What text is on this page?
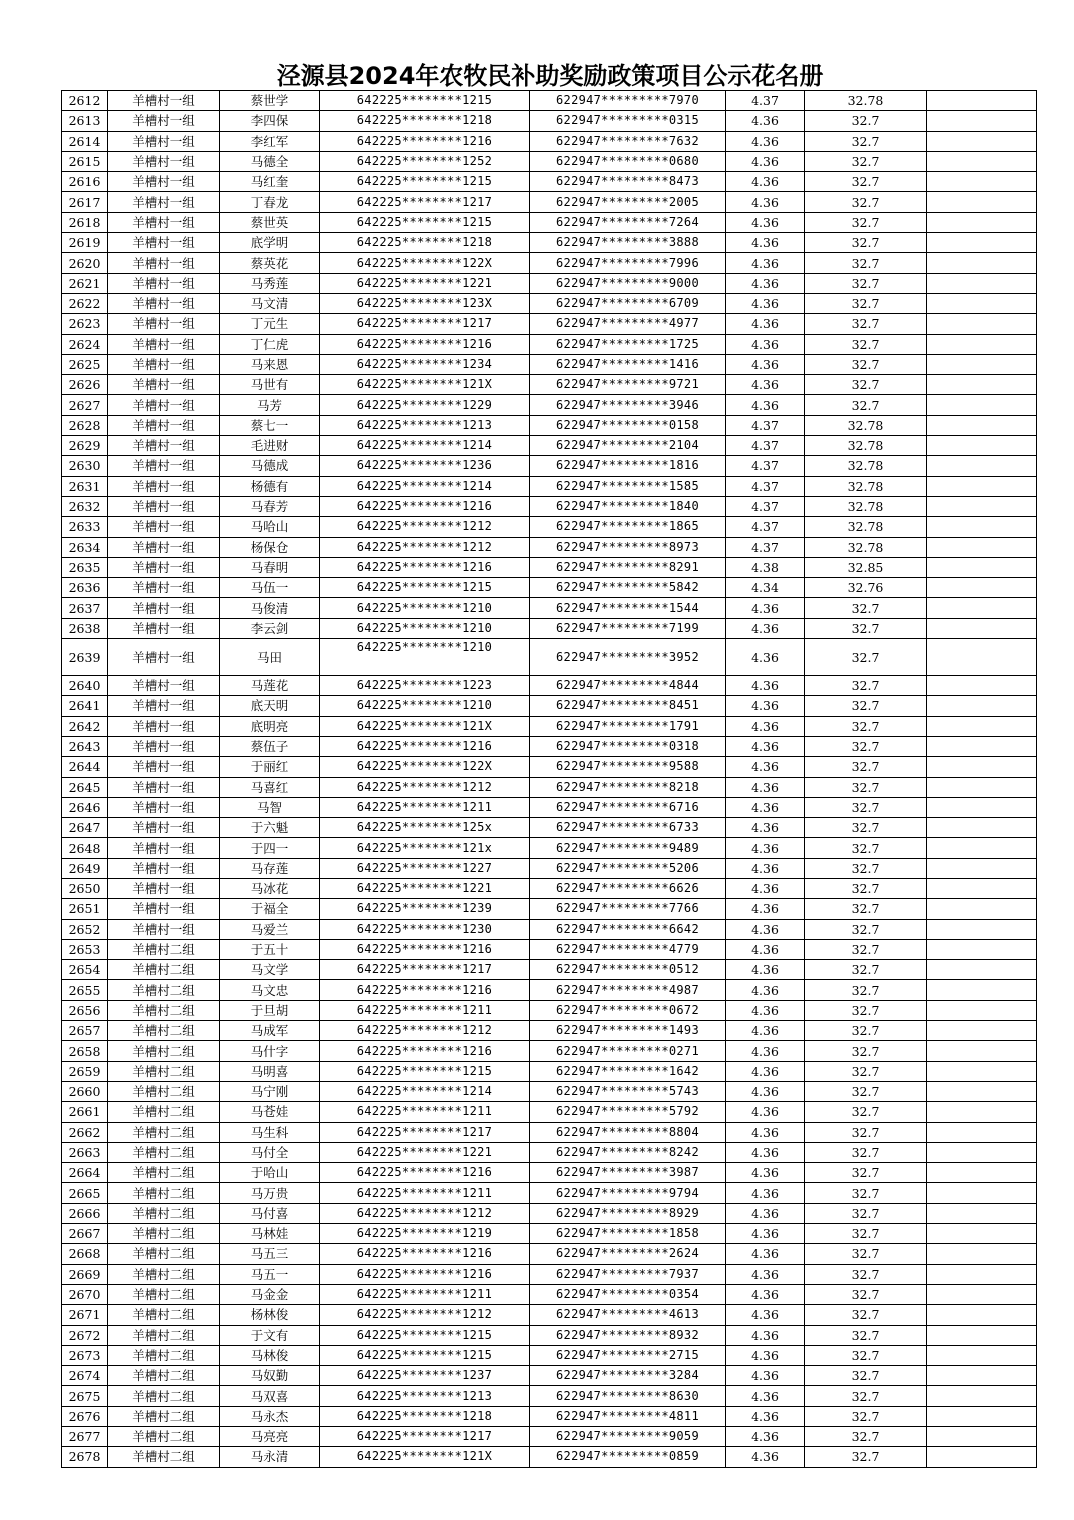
泾源县2024年农牧民补助奖励政策项目公示花名册
2612	羊槽村一组	蔡世学	642225********1215	622947*********7970	4.37	32.78	
2613	羊槽村一组	李四保	642225********1218	622947*********0315	4.36	32.7	
2614	羊槽村一组	李红军	642225********1216	622947*********7632	4.36	32.7	
2615	羊槽村一组	马德全	642225********1252	622947*********0680	4.36	32.7	
2616	羊槽村一组	马红奎	642225********1215	622947*********8473	4.36	32.7	
2617	羊槽村一组	丁春龙	642225********1217	622947*********2005	4.36	32.7	
2618	羊槽村一组	蔡世英	642225********1215	622947*********7264	4.36	32.7	
2619	羊槽村一组	底学明	642225********1218	622947*********3888	4.36	32.7	
2620	羊槽村一组	蔡英花	642225********122X	622947*********7996	4.36	32.7	
2621	羊槽村一组	马秀莲	642225********1221	622947*********9000	4.36	32.7	
2622	羊槽村一组	马文清	642225********123X	622947*********6709	4.36	32.7	
2623	羊槽村一组	丁元生	642225********1217	622947*********4977	4.36	32.7	
2624	羊槽村一组	丁仁虎	642225********1216	622947*********1725	4.36	32.7	
2625	羊槽村一组	马来恩	642225********1234	622947*********1416	4.36	32.7	
2626	羊槽村一组	马世有	642225********121X	622947*********9721	4.36	32.7	
2627	羊槽村一组	马芳	642225********1229	622947*********3946	4.36	32.7	
2628	羊槽村一组	蔡七一	642225********1213	622947*********0158	4.37	32.78	
2629	羊槽村一组	毛进财	642225********1214	622947*********2104	4.37	32.78	
2630	羊槽村一组	马德成	642225********1236	622947*********1816	4.37	32.78	
2631	羊槽村一组	杨德有	642225********1214	622947*********1585	4.37	32.78	
2632	羊槽村一组	马春芳	642225********1216	622947*********1840	4.37	32.78	
2633	羊槽村一组	马哈山	642225********1212	622947*********1865	4.37	32.78	
2634	羊槽村一组	杨保仓	642225********1212	622947*********8973	4.37	32.78	
2635	羊槽村一组	马春明	642225********1216	622947*********8291	4.38	32.85	
2636	羊槽村一组	马伍一	642225********1215	622947*********5842	4.34	32.76	
2637	羊槽村一组	马俊清	642225********1210	622947*********1544	4.36	32.7	
2638	羊槽村一组	李云剑	642225********1210	622947*********7199	4.36	32.7	
2639	羊槽村一组	马田	642225********1210	622947*********3952	4.36	32.7	
2640	羊槽村一组	马莲花	642225********1223	622947*********4844	4.36	32.7	
2641	羊槽村一组	底天明	642225********1210	622947*********8451	4.36	32.7	
2642	羊槽村一组	底明亮	642225********121X	622947*********1791	4.36	32.7	
2643	羊槽村一组	蔡伍子	642225********1216	622947*********0318	4.36	32.7	
2644	羊槽村一组	于丽红	642225********122X	622947*********9588	4.36	32.7	
2645	羊槽村一组	马喜红	642225********1212	622947*********8218	4.36	32.7	
2646	羊槽村一组	马智	642225********1211	622947*********6716	4.36	32.7	
2647	羊槽村一组	于六魁	642225********125x	622947*********6733	4.36	32.7	
2648	羊槽村一组	于四一	642225********121x	622947*********9489	4.36	32.7	
2649	羊槽村一组	马存莲	642225********1227	622947*********5206	4.36	32.7	
2650	羊槽村一组	马冰花	642225********1221	622947*********6626	4.36	32.7	
2651	羊槽村一组	于福全	642225********1239	622947*********7766	4.36	32.7	
2652	羊槽村一组	马爱兰	642225********1230	622947*********6642	4.36	32.7	
2653	羊槽村二组	于五十	642225********1216	622947*********4779	4.36	32.7	
2654	羊槽村二组	马文学	642225********1217	622947*********0512	4.36	32.7	
2655	羊槽村二组	马文忠	642225********1216	622947*********4987	4.36	32.7	
2656	羊槽村二组	于旦胡	642225********1211	622947*********0672	4.36	32.7	
2657	羊槽村二组	马成军	642225********1212	622947*********1493	4.36	32.7	
2658	羊槽村二组	马什字	642225********1216	622947*********0271	4.36	32.7	
2659	羊槽村二组	马明喜	642225********1215	622947*********1642	4.36	32.7	
2660	羊槽村二组	马宁刚	642225********1214	622947*********5743	4.36	32.7	
2661	羊槽村二组	马苍娃	642225********1211	622947*********5792	4.36	32.7	
2662	羊槽村二组	马生科	642225********1217	622947*********8804	4.36	32.7	
2663	羊槽村二组	马付全	642225********1221	622947*********8242	4.36	32.7	
2664	羊槽村二组	于哈山	642225********1216	622947*********3987	4.36	32.7	
2665	羊槽村二组	马万贵	642225********1211	622947*********9794	4.36	32.7	
2666	羊槽村二组	马付喜	642225********1212	622947*********8929	4.36	32.7	
2667	羊槽村二组	马林娃	642225********1219	622947*********1858	4.36	32.7	
2668	羊槽村二组	马五三	642225********1216	622947*********2624	4.36	32.7	
2669	羊槽村二组	马五一	642225********1216	622947*********7937	4.36	32.7	
2670	羊槽村二组	马金金	642225********1211	622947*********0354	4.36	32.7	
2671	羊槽村二组	杨林俊	642225********1212	622947*********4613	4.36	32.7	
2672	羊槽村二组	于文有	642225********1215	622947*********8932	4.36	32.7	
2673	羊槽村二组	马林俊	642225********1215	622947*********2715	4.36	32.7	
2674	羊槽村二组	马奴勤	642225********1237	622947*********3284	4.36	32.7	
2675	羊槽村二组	马双喜	642225********1213	622947*********8630	4.36	32.7	
2676	羊槽村二组	马永杰	642225********1218	622947*********4811	4.36	32.7	
2677	羊槽村二组	马亮亮	642225********1217	622947*********9059	4.36	32.7	
2678	羊槽村二组	马永清	642225********121X	622947*********0859	4.36	32.7	
